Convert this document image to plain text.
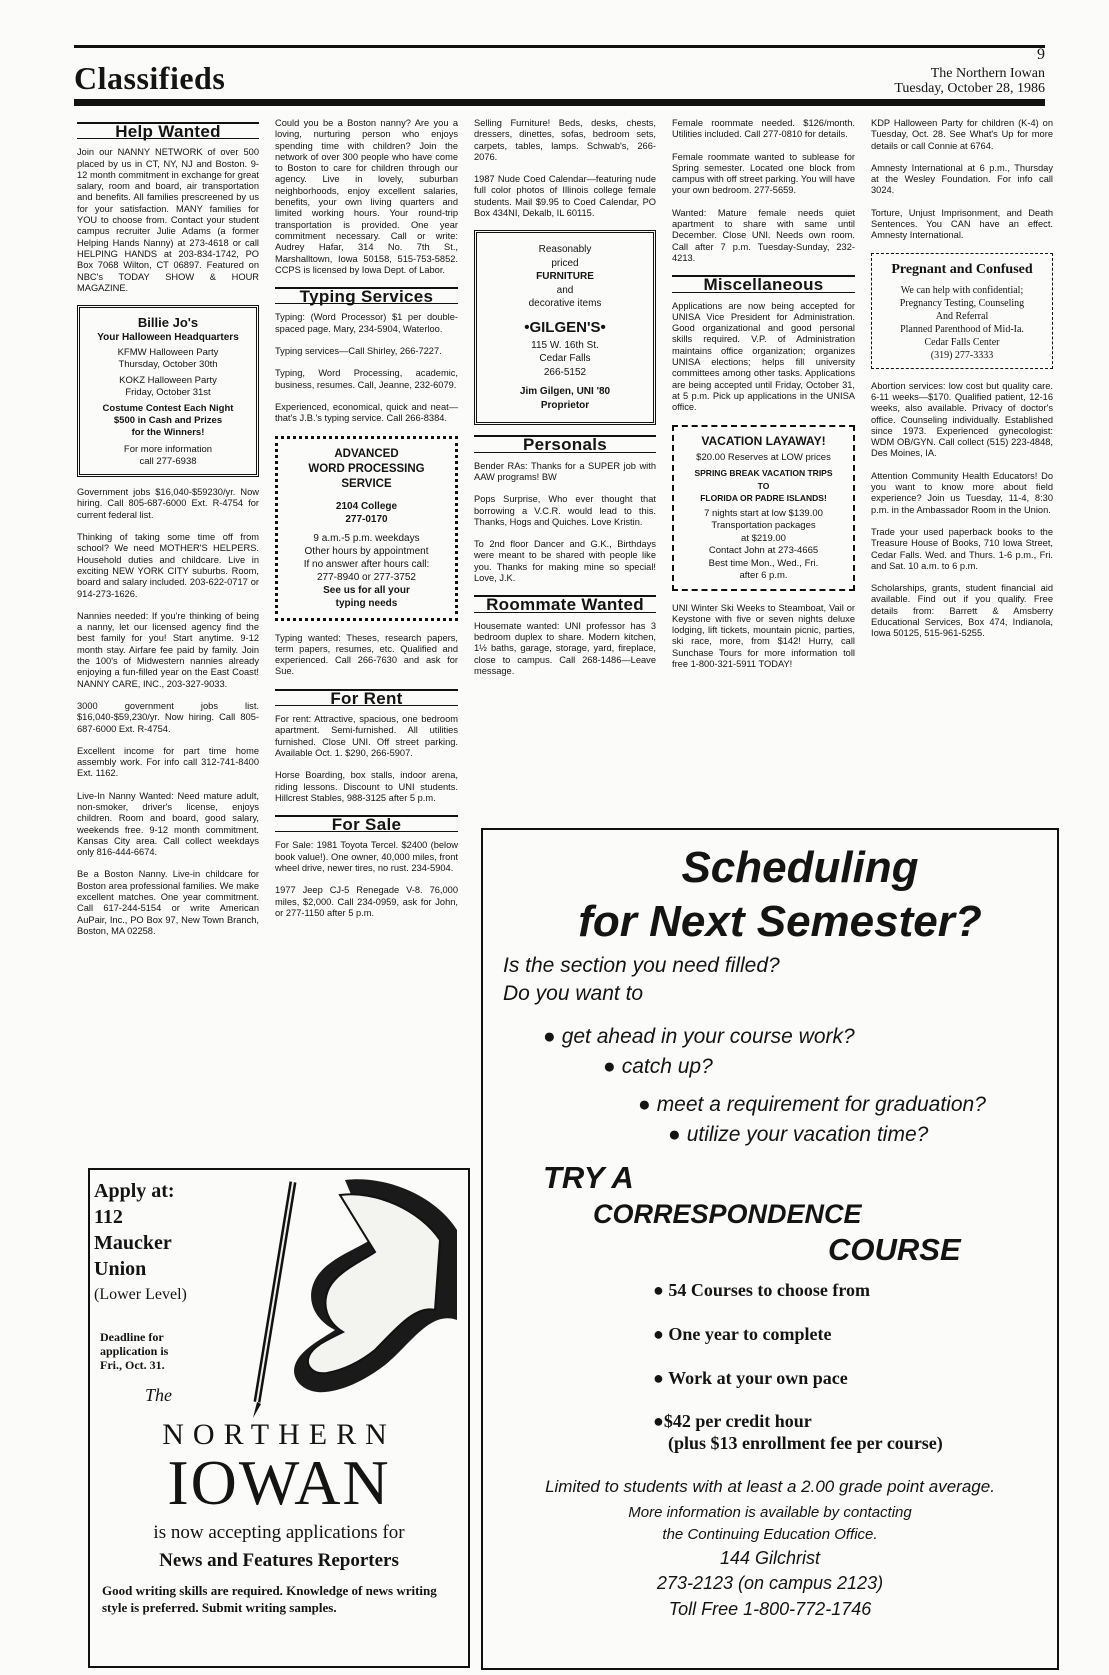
9
Classifieds	The Northern Iowan
Tuesday, October 28, 1986
Help Wanted

Join our NANNY NETWORK of over 500 placed by us in CT, NY, NJ and Boston. 9-12 month commitment in exchange for great salary, room and board, air transportation and benefits. All families prescreened by us for your satisfaction. MANY families for YOU to choose from. Contact your student campus recruiter Julie Adams (a former Helping Hands Nanny) at 273-4618 or call HELPING HANDS at 203-834-1742, PO Box 7068 Wilton, CT 06897. Featured on NBC's TODAY SHOW & HOUR MAGAZINE.

Billie Jo's
Your Halloween Headquarters
KFMW Halloween Party
Thursday, October 30th
KOKZ Halloween Party
Friday, October 31st
Costume Contest Each Night
$500 in Cash and Prizes
for the Winners!
For more information
call 277-6938

Government jobs $16,040-$59230/yr. Now hiring. Call 805-687-6000 Ext. R-4754 for current federal list.

Thinking of taking some time off from school? We need MOTHER'S HELPERS. Household duties and childcare. Live in exciting NEW YORK CITY suburbs. Room, board and salary included. 203-622-0717 or 914-273-1626.

Nannies needed: If you're thinking of being a nanny, let our licensed agency find the best family for you! Start anytime. 9-12 month stay. Airfare fee paid by family. Join the 100's of Midwestern nannies already enjoying a fun-filled year on the East Coast! NANNY CARE, INC., 203-327-9033.

3000 government jobs list. $16,040-$59,230/yr. Now hiring. Call 805-687-6000 Ext. R-4754.

Excellent income for part time home assembly work. For info call 312-741-8400 Ext. 1162.

Live-In Nanny Wanted: Need mature adult, non-smoker, driver's license, enjoys children. Room and board, good salary, weekends free. 9-12 month commitment. Kansas City area. Call collect weekdays only 816-444-6674.

Be a Boston Nanny. Live-in childcare for Boston area professional families. We make excellent matches. One year commitment. Call 617-244-5154 or write American AuPair, Inc., PO Box 97, New Town Branch, Boston, MA 02258.

Could you be a Boston nanny? Are you a loving, nurturing person who enjoys spending time with children? Join the network of over 300 people who have come to Boston to care for children through our agency. Live in lovely, suburban neighborhoods, enjoy excellent salaries, benefits, your own living quarters and limited working hours. Your round-trip transportation is provided. One year commitment necessary. Call or write: Audrey Hafar, 314 No. 7th St., Marshalltown, Iowa 50158, 515-753-5852. CCPS is licensed by Iowa Dept. of Labor.

Typing Services

Typing: (Word Processor) $1 per double-spaced page. Mary, 234-5904, Waterloo.

Typing services—Call Shirley, 266-7227.

Typing, Word Processing, academic, business, resumes. Call, Jeanne, 232-6079.

Experienced, economical, quick and neat— that's J.B.'s typing service. Call 266-8384.

ADVANCED
WORD PROCESSING
SERVICE
2104 College
277-0170
9 a.m.-5 p.m. weekdays
Other hours by appointment
If no answer after hours call:
277-8940 or 277-3752
See us for all your
typing needs

Typing wanted: Theses, research papers, term papers, resumes, etc. Qualified and experienced. Call 266-7630 and ask for Sue.

For Rent

For rent: Attractive, spacious, one bedroom apartment. Semi-furnished. All utilities furnished. Close UNI. Off street parking. Available Oct. 1. $290, 266-5907.

Horse Boarding, box stalls, indoor arena, riding lessons. Discount to UNI students. Hillcrest Stables, 988-3125 after 5 p.m.

For Sale

For Sale: 1981 Toyota Tercel. $2400 (below book value!). One owner, 40,000 miles, front wheel drive, newer tires, no rust. 234-5904.

1977 Jeep CJ-5 Renegade V-8. 76,000 miles, $2,000. Call 234-0959, ask for John, or 277-1150 after 5 p.m.

Selling Furniture! Beds, desks, chests, dressers, dinettes, sofas, bedroom sets, carpets, tables, lamps. Schwab's, 266-2076.

1987 Nude Coed Calendar—featuring nude full color photos of Illinois college female students. Mail $9.95 to Coed Calendar, PO Box 434NI, Dekalb, IL 60115.

Reasonably
priced
FURNITURE
and
decorative items
•GILGEN'S•
115 W. 16th St.
Cedar Falls
266-5152
Jim Gilgen, UNI '80
Proprietor
Personals

Bender RAs: Thanks for a SUPER job with AAW programs! BW

Pops Surprise, Who ever thought that borrowing a V.C.R. would lead to this. Thanks, Hogs and Quiches. Love Kristin.

To 2nd floor Dancer and G.K., Birthdays were meant to be shared with people like you. Thanks for making mine so special! Love, J.K.

Roommate Wanted

Housemate wanted: UNI professor has 3 bedroom duplex to share. Modern kitchen, 1½ baths, garage, storage, yard, fireplace, close to campus. Call 268-1486—Leave message.

Female roommate needed. $126/month. Utilities included. Call 277-0810 for details.

Female roommate wanted to sublease for Spring semester. Located one block from campus with off street parking. You will have your own bedroom. 277-5659.

Wanted: Mature female needs quiet apartment to share with same until December. Close UNI. Needs own room. Call after 7 p.m. Tuesday-Sunday, 232-4213.

Miscellaneous

Applications are now being accepted for UNISA Vice President for Administration. Good organizational and good personal skills required. V.P. of Administration maintains office organization; organizes UNISA elections; helps fill university committees among other tasks. Applications are being accepted until Friday, October 31, at 5 p.m. Pick up applications in the UNISA office.

VACATION LAYAWAY!
$20.00 Reserves at LOW prices
SPRING BREAK VACATION TRIPS
TO
FLORIDA OR PADRE ISLANDS!
7 nights start at low $139.00
Transportation packages
at $219.00
Contact John at 273-4665
Best time Mon., Wed., Fri.
after 6 p.m.

UNI Winter Ski Weeks to Steamboat, Vail or Keystone with five or seven nights deluxe lodging, lift tickets, mountain picnic, parties, ski race, more, from $142! Hurry, call Sunchase Tours for more information toll free 1-800-321-5911 TODAY!

KDP Halloween Party for children (K-4) on Tuesday, Oct. 28. See What's Up for more details or call Connie at 6764.

Amnesty International at 6 p.m., Thursday at the Wesley Foundation. For info call 3024.

Torture, Unjust Imprisonment, and Death Sentences. You CAN have an effect. Amnesty International.

Pregnant and Confused
We can help with confidential;
Pregnancy Testing, Counseling
And Referral
Planned Parenthood of Mid-Ia.
Cedar Falls Center
(319) 277-3333

Abortion services: low cost but quality care. 6-11 weeks—$170. Qualified patient, 12-16 weeks, also available. Privacy of doctor's office. Counseling individually. Established since 1973. Experienced gynecologist: WDM OB/GYN. Call collect (515) 223-4848, Des Moines, IA.

Attention Community Health Educators! Do you want to know more about field experience? Join us Tuesday, 11-4, 8:30 p.m. in the Ambassador Room in the Union.

Trade your used paperback books to the Treasure House of Books, 710 Iowa Street, Cedar Falls. Wed. and Thurs. 1-6 p.m., Fri. and Sat. 10 a.m. to 6 p.m.

Scholarships, grants, student financial aid available. Find out if you qualify. Free details from: Barrett & Amsberry Educational Services, Box 474, Indianola, Iowa 50125, 515-961-5255.

Scheduling
for Next Semester?
Is the section you need filled?
Do you want to
● get ahead in your course work?
● catch up?
● meet a requirement for graduation?
● utilize your vacation time?
TRY A
CORRESPONDENCE
COURSE
● 54 Courses to choose from
● One year to complete
● Work at your own pace
●$42 per credit hour
(plus $13 enrollment fee per course)
Limited to students with at least a 2.00 grade point average.
More information is available by contacting
the Continuing Education Office.
144 Gilchrist
273-2123 (on campus 2123)
Toll Free 1-800-772-1746
Apply at:
112
Maucker
Union
(Lower Level)
Deadline for
application is
Fri., Oct. 31.
The
NORTHERN
IOWAN
is now accepting applications for
News and Features Reporters
Good writing skills are required. Knowledge of news writing style is preferred. Submit writing samples.
